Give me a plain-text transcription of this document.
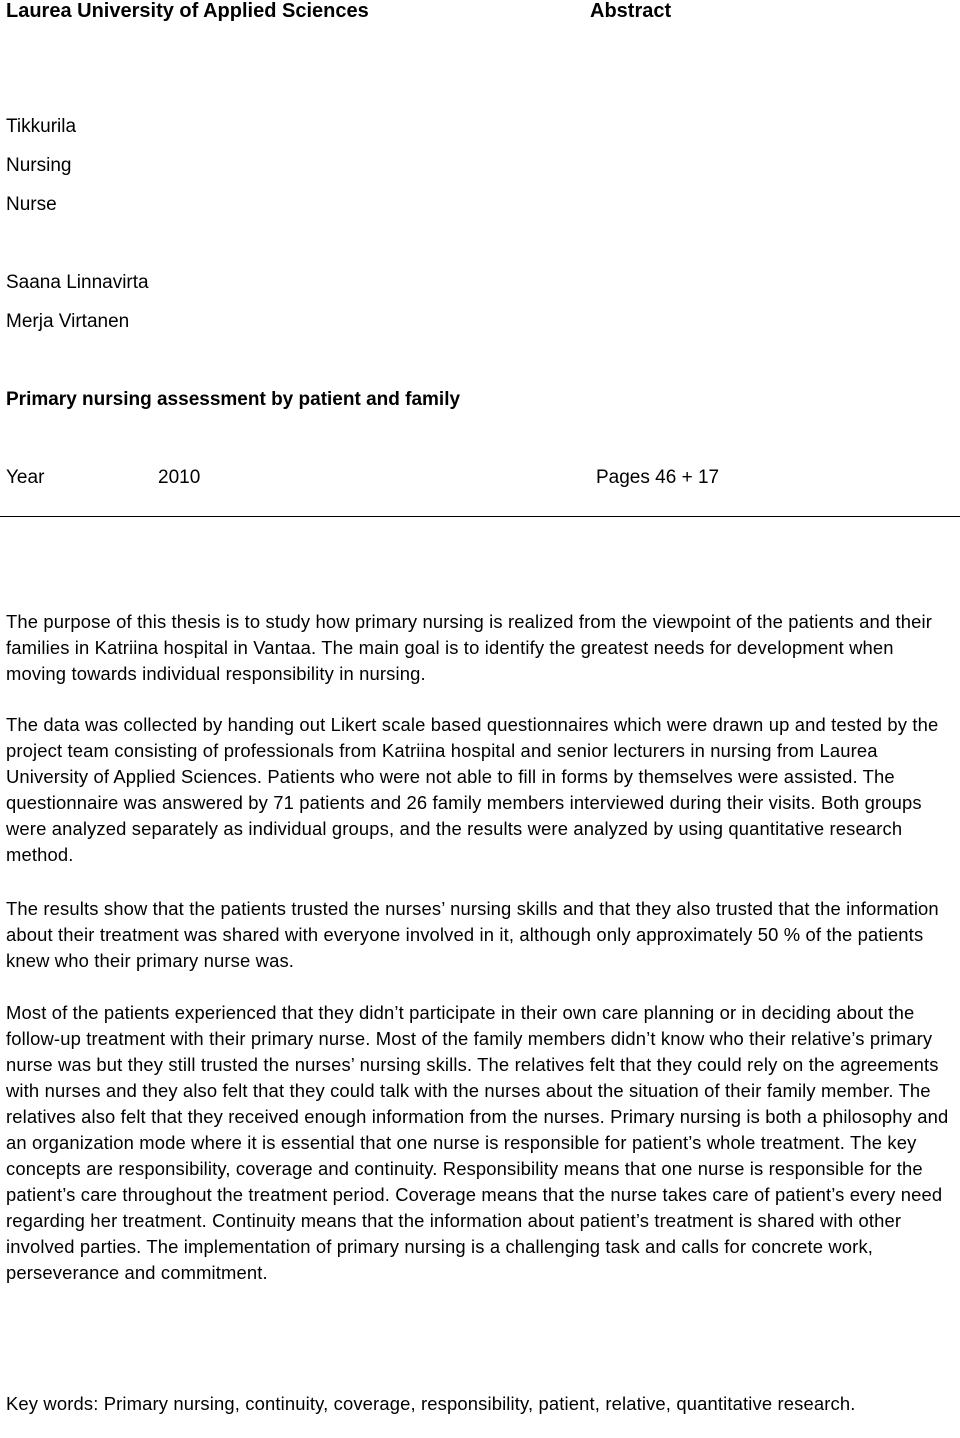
Laurea University of Applied Sciences	Abstract
Tikkurila
Nursing
Nurse
Saana Linnavirta
Merja Virtanen
Primary nursing assessment by patient and family
Year	2010	Pages 46 + 17
The purpose of this thesis is to study how primary nursing is realized from the viewpoint of the patients and their families in Katriina hospital in Vantaa. The main goal is to identify the greatest needs for development when moving towards individual responsibility in nursing.
The data was collected by handing out Likert scale based questionnaires which were drawn up and tested by the project team consisting of professionals from Katriina hospital and senior lecturers in nursing from Laurea University of Applied Sciences. Patients who were not able to fill in forms by themselves were assisted. The questionnaire was answered by 71 patients and 26 family members interviewed during their visits. Both groups were analyzed separately as individual groups, and the results were analyzed by using quantitative research method.
The results show that the patients trusted the nurses’ nursing skills and that they also trusted that the information about their treatment was shared with everyone involved in it, although only approximately 50 % of the patients knew who their primary nurse was.
Most of the patients experienced that they didn’t participate in their own care planning or in deciding about the follow-up treatment with their primary nurse. Most of the family members didn’t know who their relative’s primary nurse was but they still trusted the nurses’ nursing skills. The relatives felt that they could rely on the agreements with nurses and they also felt that they could talk with the nurses about the situation of their family member. The relatives also felt that they received enough information from the nurses. Primary nursing is both a philosophy and an organization mode where it is essential that one nurse is responsible for patient’s whole treatment. The key concepts are responsibility, coverage and continuity. Responsibility means that one nurse is responsible for the patient’s care throughout the treatment period. Coverage means that the nurse takes care of patient’s every need regarding her treatment. Continuity means that the information about patient’s treatment is shared with other involved parties. The implementation of primary nursing is a challenging task and calls for concrete work, perseverance and commitment.
Key words: Primary nursing, continuity, coverage, responsibility, patient, relative, quantitative research.
